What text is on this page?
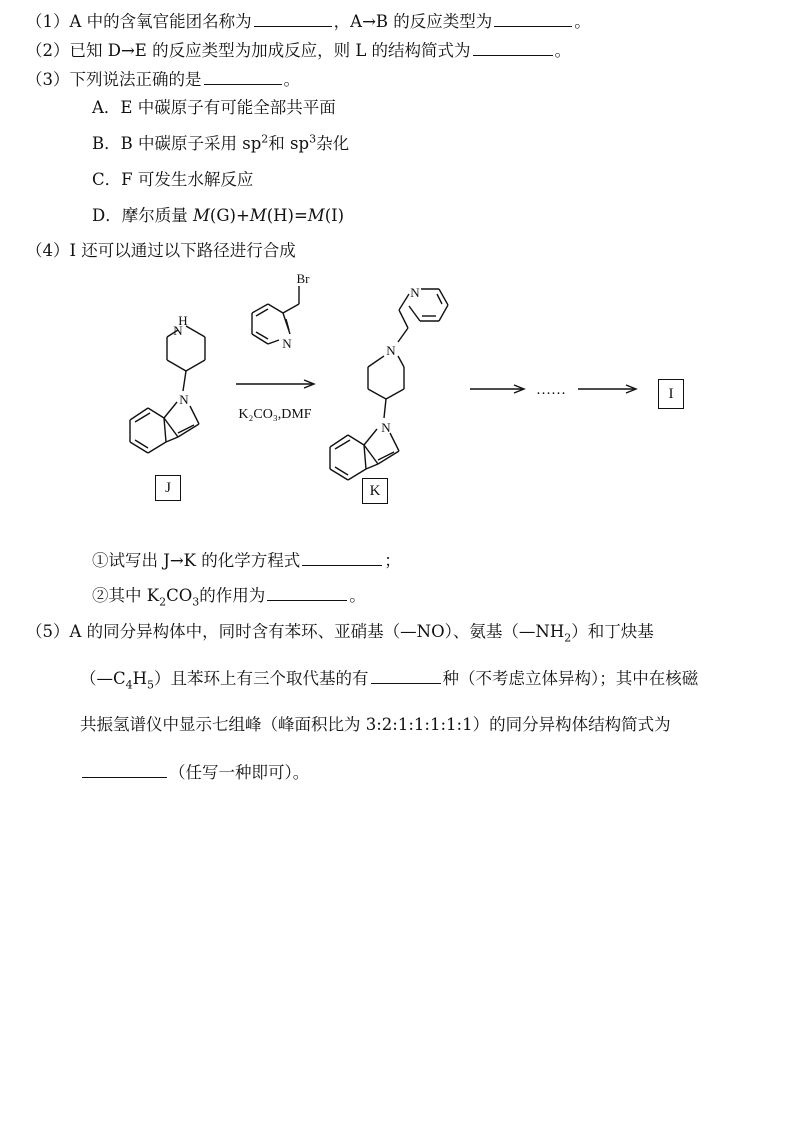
（1）A 中的含氧官能团名称为	，A→B 的反应类型为	。
（2）已知 D→E 的反应类型为加成反应，则 L 的结构简式为	。
（3）下列说法正确的是	。
A．E 中碳原子有可能全部共平面
B．B 中碳原子采用 $sp^2$和 $sp^3$杂化
C．F 可发生水解反应
D．摩尔质量 M(G)+M(H)=M(I)
（4）I 还可以通过以下路径进行合成
H
N
N
Br
N
K₂CO₃,DMF
N
N
N
……
J	K
I
①试写出 J→K 的化学方程式	；
②其中 $K_2CO_3$的作用为	。
（5）A 的同分异构体中，同时含有苯环、亚硝基（—NO）、氨基$(—NH_2)$和丁炔基
$(—C_4H_5)$且苯环上有三个取代基的有	种（不考虑立体异构）；其中在核磁
共振氢谱仪中显示七组峰（峰面积比为 3:2:1:1:1:1:1）的同分异构体结构简式为
（任写一种即可）。
